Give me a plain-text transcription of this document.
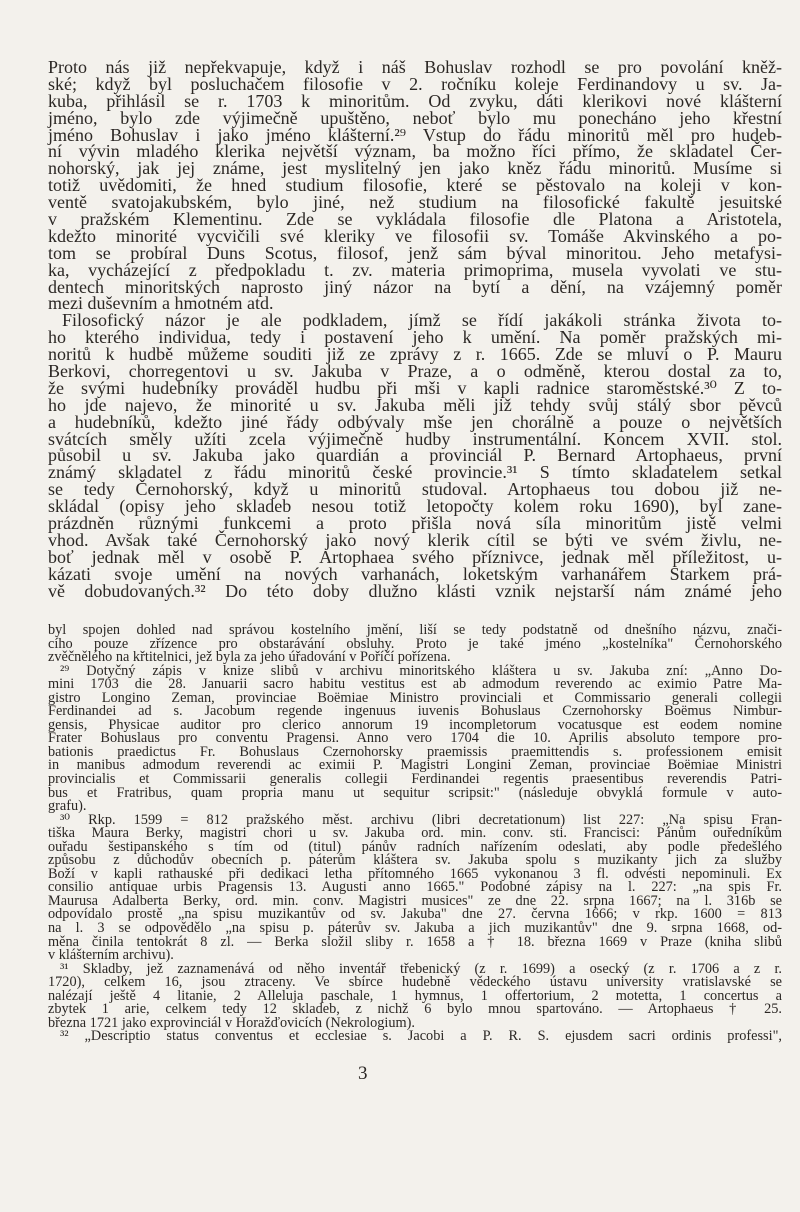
Proto nás již nepřekvapuje, když i náš Bohuslav rozhodl se pro povolání kněž-
ské; když byl posluchačem filosofie v 2. ročníku koleje Ferdinandovy u sv. Ja-
kuba, přihlásil se r. 1703 k minoritům. Od zvyku, dáti klerikovi nové klášterní
jméno, bylo zde výjimečně upuštěno, neboť bylo mu ponecháno jeho křestní
jméno Bohuslav i jako jméno klášterní.²⁹ Vstup do řádu minoritů měl pro hudeb-
ní vývin mladého klerika největší význam, ba možno říci přímo, že skladatel Čer-
nohorský, jak jej známe, jest myslitelný jen jako kněz řádu minoritů. Musíme si
totiž uvědomiti, že hned studium filosofie, které se pěstovalo na koleji v kon-
ventě svatojakubském, bylo jiné, než studium na filosofické fakultě jesuitské
v pražském Klementinu. Zde se vykládala filosofie dle Platona a Aristotela,
kdežto minorité vycvičili své kleriky ve filosofii sv. Tomáše Akvinského a po-
tom se probíral Duns Scotus, filosof, jenž sám býval minoritou. Jeho metafysi-
ka, vycházející z předpokladu t. zv. materia primoprima, musela vyvolati ve stu-
dentech minoritských naprosto jiný názor na bytí a dění, na vzájemný poměr
mezi duševním a hmotném atd.
Filosofický názor je ale podkladem, jímž se řídí jakákoli stránka života to-
ho kterého individua, tedy i postavení jeho k umění. Na poměr pražských mi-
noritů k hudbě můžeme souditi již ze zprávy z r. 1665. Zde se mluví o P. Mauru
Berkovi, chorregentovi u sv. Jakuba v Praze, a o odměně, kterou dostal za to,
že svými hudebníky prováděl hudbu při mši v kapli radnice staroměstské.³⁰ Z to-
ho jde najevo, že minorité u sv. Jakuba měli již tehdy svůj stálý sbor pěvců
a hudebníků, kdežto jiné řády odbývaly mše jen chorálně a pouze o největších
svátcích směly užíti zcela výjimečně hudby instrumentální. Koncem XVII. stol.
působil u sv. Jakuba jako quardián a provinciál P. Bernard Artophaeus, první
známý skladatel z řádu minoritů české provincie.³¹ S tímto skladatelem setkal
se tedy Černohorský, když u minoritů studoval. Artophaeus tou dobou již ne-
skládal (opisy jeho skladeb nesou totiž letopočty kolem roku 1690), byl zane-
prázdněn různými funkcemi a proto přišla nová síla minoritům jistě velmi
vhod. Avšak také Černohorský jako nový klerik cítil se býti ve svém živlu, ne-
boť jednak měl v osobě P. Artophaea svého příznivce, jednak měl příležitost, u-
kázati svoje umění na nových varhanách, loketským varhanářem Starkem prá-
vě dobudovaných.³² Do této doby dlužno klásti vznik nejstarší nám známé jeho
byl spojen dohled nad správou kostelního jmění, liší se tedy podstatně od dnešního názvu, znači-
cího pouze zřízence pro obstarávání obsluhy. Proto je také jméno „kostelníka" Černohorského
zvěčnělého na křtitelnici, jež byla za jeho úřadování v Poříčí pořízena.
²⁹ Dotyčný zápis v knize slibů v archivu minoritského kláštera u sv. Jakuba zní: „Anno Do-
mini 1703 die 28. Januarii sacro habitu vestitus est ab admodum reverendo ac eximio Patre Ma-
gistro Longino Zeman, provinciae Boëmiae Ministro provinciali et Commissario generali collegii
Ferdinandei ad s. Jacobum regende ingenuus iuvenis Bohuslaus Czernohorsky Boëmus Nimbur-
gensis, Physicae auditor pro clerico annorum 19 incompletorum vocatusque est eodem nomine
Frater Bohuslaus pro conventu Pragensi. Anno vero 1704 die 10. Aprilis absoluto tempore pro-
bationis praedictus Fr. Bohuslaus Czernohorsky praemissis praemittendis s. professionem emisit
in manibus admodum reverendi ac eximii P. Magistri Longini Zeman, provinciae Boëmiae Ministri
provincialis et Commissarii generalis collegii Ferdinandei regentis praesentibus reverendis Patri-
bus et Fratribus, quam propria manu ut sequitur scripsit:" (následuje obvyklá formule v auto-
grafu).
³⁰ Rkp. 1599 = 812 pražského měst. archivu (libri decretationum) list 227: „Na spisu Fran-
tiška Maura Berky, magistri chori u sv. Jakuba ord. min. conv. sti. Francisci: Pánům ouředníkům
ouřadu šestipanského s tím od (titul) pánův radních nařízením odeslati, aby podle předešlého
způsobu z důchodův obecních p. páterům kláštera sv. Jakuba spolu s muzikanty jich za služby
Boží v kapli rathauské při dedikaci letha přítomného 1665 vykonanou 3 fl. odvésti nepominuli. Ex
consilio antiquae urbis Pragensis 13. Augusti anno 1665." Podobné zápisy na l. 227: „na spis Fr.
Maurusa Adalberta Berky, ord. min. conv. Magistri musices" ze dne 22. srpna 1667; na l. 316b se
odpovídalo prostě „na spisu muzikantův od sv. Jakuba" dne 27. června 1666; v rkp. 1600 = 813
na l. 3 se odpovědělo „na spisu p. páterův sv. Jakuba a jich muzikantův" dne 9. srpna 1668, od-
měna činila tentokrát 8 zl. — Berka složil sliby r. 1658 a † 18. března 1669 v Praze (kniha slibů
v klášterním archivu).
³¹ Skladby, jež zaznamenává od něho inventář třebenický (z r. 1699) a osecký (z r. 1706 a z r.
1720), celkem 16, jsou ztraceny. Ve sbírce hudebně vědeckého ústavu university vratislavské se
nalézají ještě 4 litanie, 2 Alleluja paschale, 1 hymnus, 1 offertorium, 2 motetta, 1 concertus a
zbytek 1 arie, celkem tedy 12 skladeb, z nichž 6 bylo mnou spartováno. — Artophaeus † 25.
března 1721 jako exprovinciál v Horažďovicích (Nekrologium).
³² „Descriptio status conventus et ecclesiae s. Jacobi a P. R. S. ejusdem sacri ordinis professi",
3
